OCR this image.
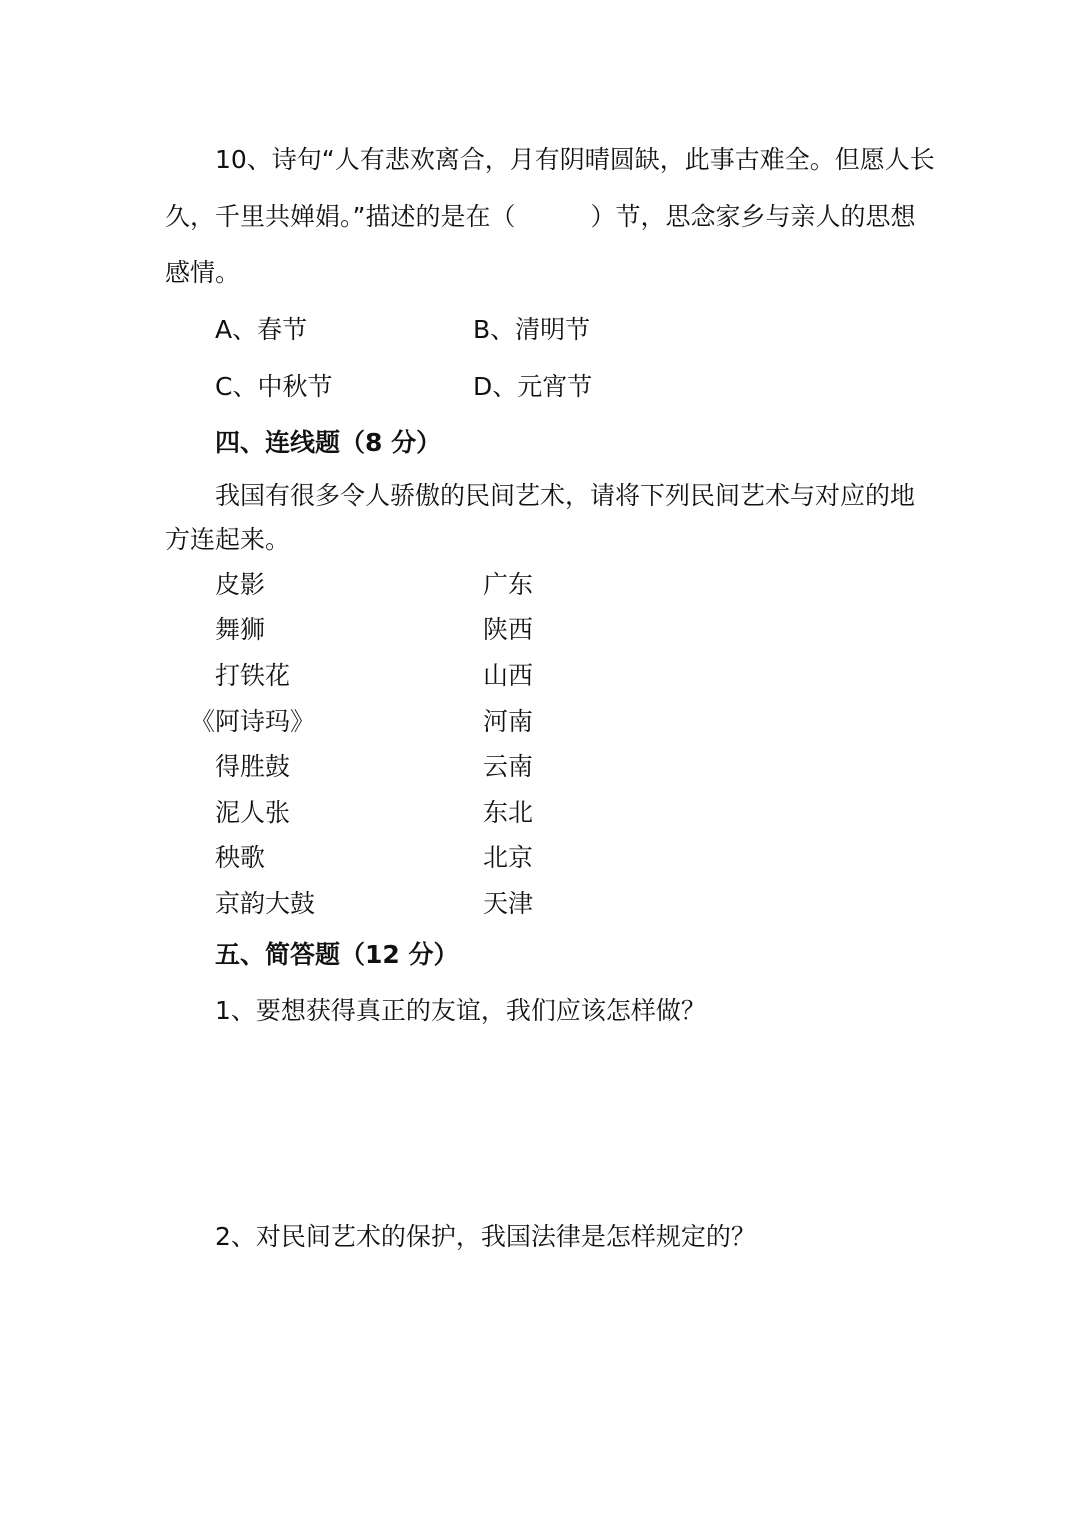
10、诗句“人有悲欢离合，月有阴晴圆缺，此事古难全。但愿人长
久，千里共婵娟。”描述的是在（　　　）节，思念家乡与亲人的思想
感情。
A、春节	B、清明节
C、中秋节	D、元宵节
四、连线题（8 分）
我国有很多令人骄傲的民间艺术，请将下列民间艺术与对应的地
方连起来。
皮影
舞狮
打铁花
《阿诗玛》
得胜鼓
泥人张
秧歌
京韵大鼓
广东
陕西
山西
河南
云南
东北
北京
天津
五、简答题（12 分）
1、要想获得真正的友谊，我们应该怎样做？
2、对民间艺术的保护，我国法律是怎样规定的？
